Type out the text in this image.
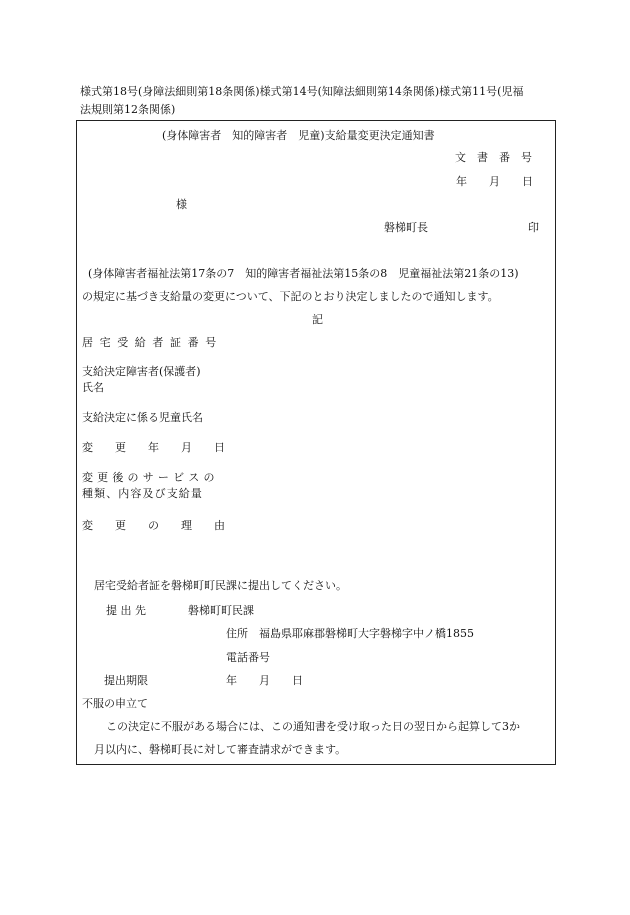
様式第18号(身障法細則第18条関係)様式第14号(知障法細則第14条関係)様式第11号(児福
法規則第12条関係)
(身体障害者　知的障害者　児童)支給量変更決定通知書
文　書　番　号
年　　月　　日
様
磐梯町長	印
(身体障害者福祉法第17条の7　知的障害者福祉法第15条の8　児童福祉法第21条の13)
の規定に基づき支給量の変更について、下記のとおり決定しましたので通知します。
記
居宅受給者証番号
支給決定障害者(保護者)
氏名
支給決定に係る児童氏名
変　　更　　年　　月　　日
変更後のサービスの
種類、内容及び支給量
変　　更　　の　　理　　由
居宅受給者証を磐梯町町民課に提出してください。
提 出 先	磐梯町町民課
住所　福島県耶麻郡磐梯町大字磐梯字中ノ橋1855
電話番号
提出期限	年　　月　　日
不服の申立て
この決定に不服がある場合には、この通知書を受け取った日の翌日から起算して3か
月以内に、磐梯町長に対して審査請求ができます。
